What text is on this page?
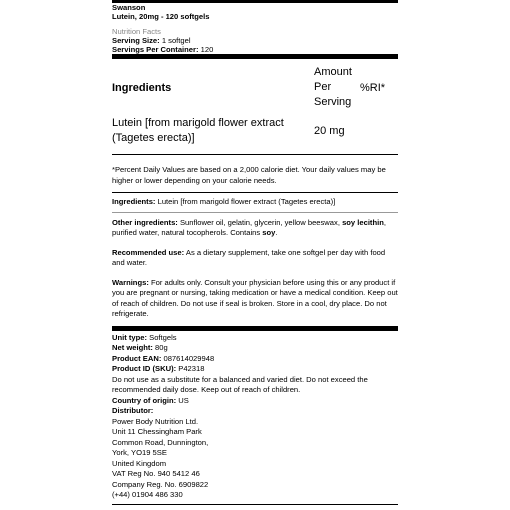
Swanson
Lutein, 20mg - 120 softgels
Nutrition Facts
Serving Size: 1 softgel
Servings Per Container: 120
Ingredients
Amount
Per
Serving
%RI*
Lutein [from marigold flower extract (Tagetes erecta)]
20 mg
*Percent Daily Values are based on a 2,000 calorie diet. Your daily values may be higher or lower depending on your calorie needs.

Ingredients: Lutein [from marigold flower extract (Tagetes erecta)]

Other ingredients: Sunflower oil, gelatin, glycerin, yellow beeswax, soy lecithin, purified water, natural tocopherols. Contains soy.

Recommended use: As a dietary supplement, take one softgel per day with food and water.

Warnings: For adults only. Consult your physician before using this or any product if you are pregnant or nursing, taking medication or have a medical condition. Keep out of reach of children. Do not use if seal is broken. Store in a cool, dry place. Do not refrigerate.

Unit type: Softgels
Net weight: 80g
Product EAN: 087614029948
Product ID (SKU): P42318
Do not use as a substitute for a balanced and varied diet. Do not exceed the recommended daily dose. Keep out of reach of children.
Country of origin: US
Distributor:
Power Body Nutrition Ltd.
Unit 11 Chessingham Park
Common Road, Dunnington,
York, YO19 5SE
United Kingdom
VAT Reg No. 940 5412 46
Company Reg. No. 6909822
(+44) 01904 486 330
